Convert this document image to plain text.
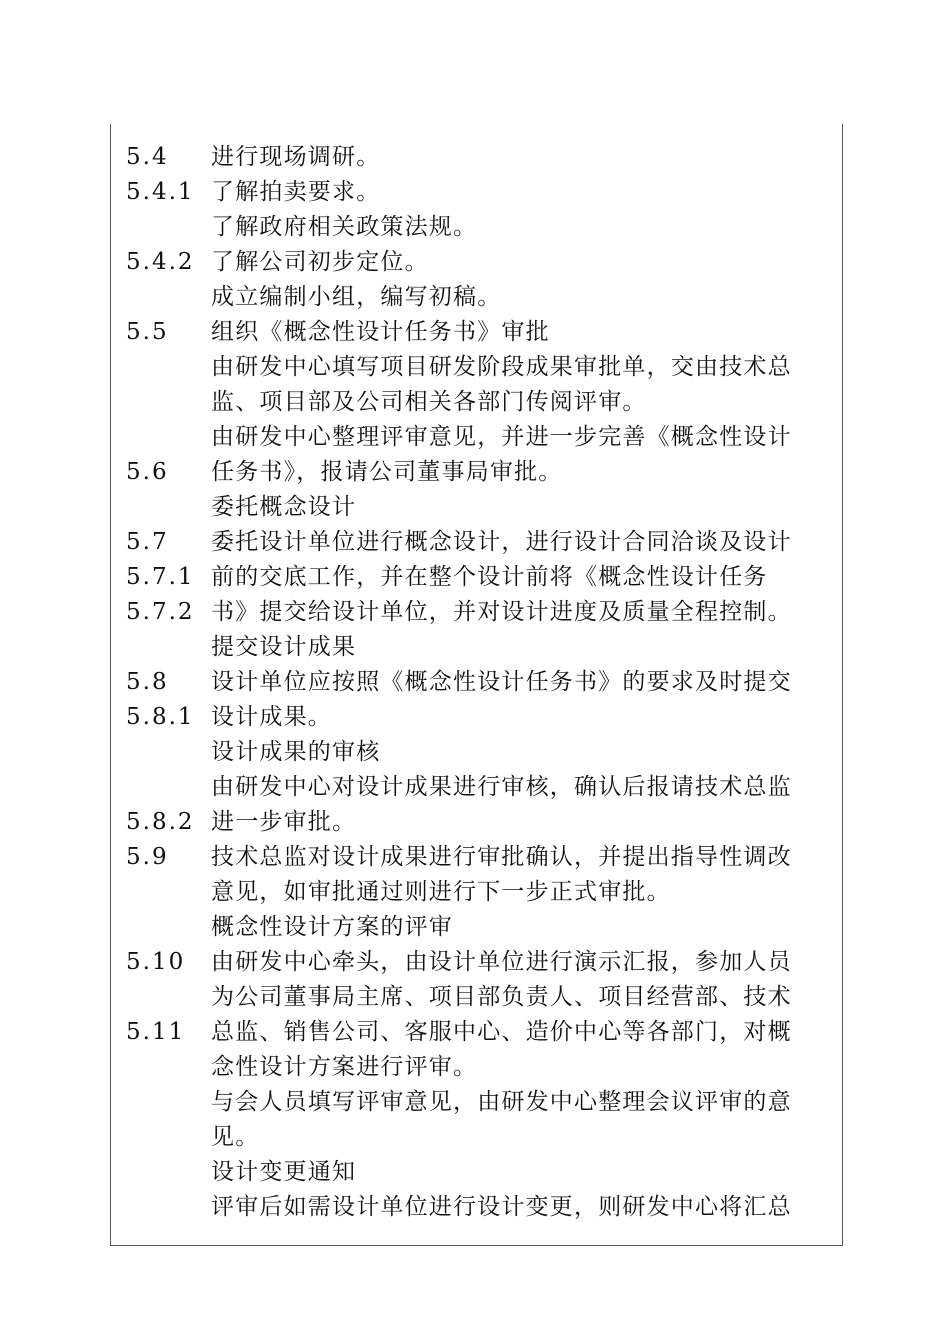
5.4
5.4.1
5.4.2
5.5
5.6
5.7
5.7.1
5.7.2
5.8
5.8.1
5.8.2
5.9
5.10
5.11
进行现场调研。
了解拍卖要求。
了解政府相关政策法规。
了解公司初步定位。
成立编制小组，编写初稿。
组织《概念性设计任务书》审批
由研发中心填写项目研发阶段成果审批单，交由技术总
监、项目部及公司相关各部门传阅评审。
由研发中心整理评审意见，并进一步完善《概念性设计
任务书》，报请公司董事局审批。
委托概念设计
委托设计单位进行概念设计，进行设计合同洽谈及设计
前的交底工作，并在整个设计前将《概念性设计任务
书》提交给设计单位，并对设计进度及质量全程控制。
提交设计成果
设计单位应按照《概念性设计任务书》的要求及时提交
设计成果。
设计成果的审核
由研发中心对设计成果进行审核，确认后报请技术总监
进一步审批。
技术总监对设计成果进行审批确认，并提出指导性调改
意见，如审批通过则进行下一步正式审批。
概念性设计方案的评审
由研发中心牵头，由设计单位进行演示汇报，参加人员
为公司董事局主席、项目部负责人、项目经营部、技术
总监、销售公司、客服中心、造价中心等各部门，对概
念性设计方案进行评审。
与会人员填写评审意见，由研发中心整理会议评审的意
见。
设计变更通知
评审后如需设计单位进行设计变更，则研发中心将汇总
